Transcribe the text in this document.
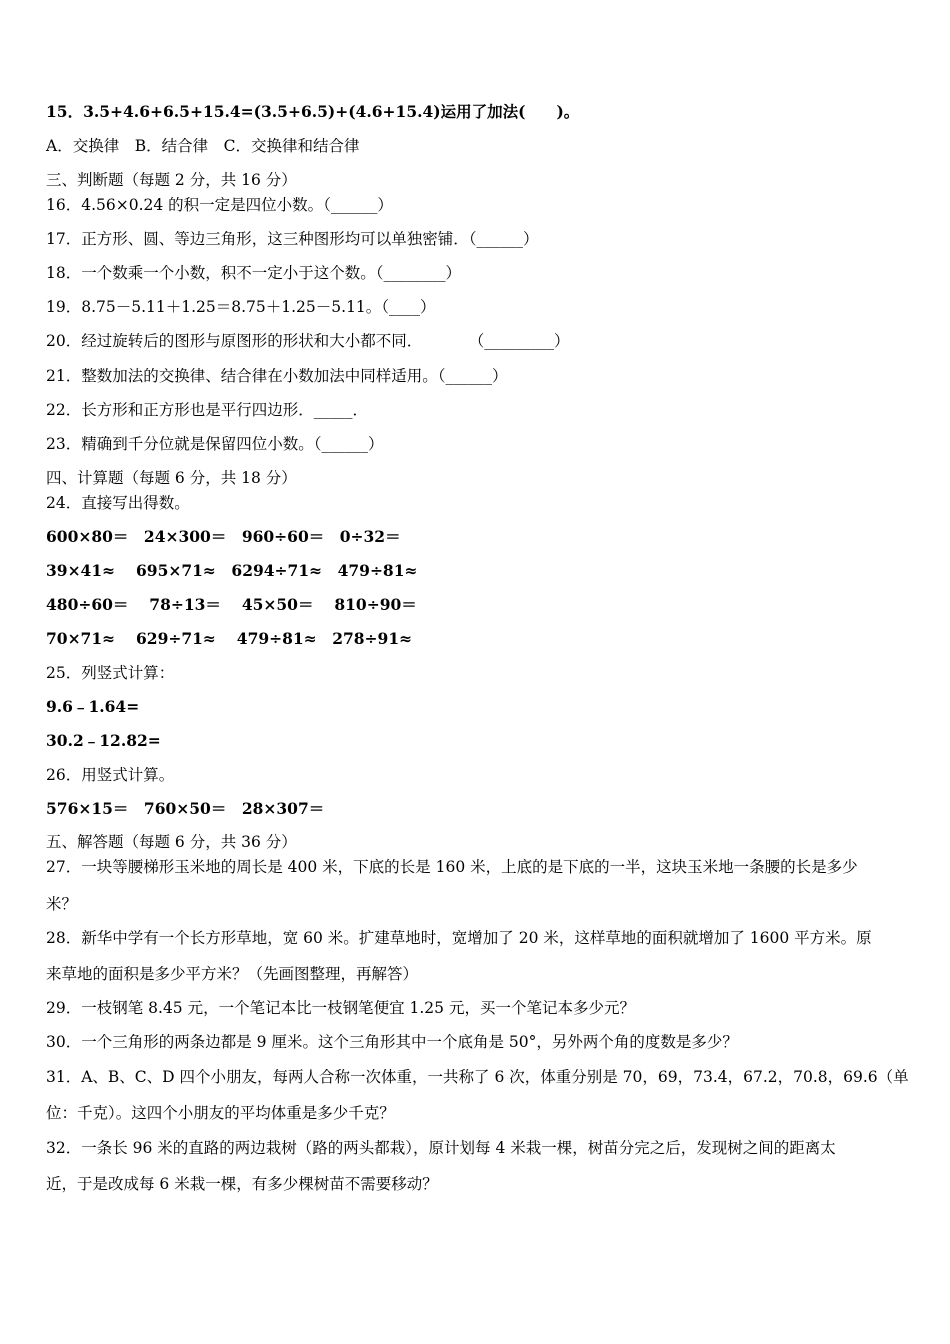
15．3.5+4.6+6.5+15.4=(3.5+6.5)+(4.6+15.4)运用了加法(　　)。
A．交换律　B．结合律　C．交换律和结合律
三、判断题（每题 2 分，共 16 分）
16．4.56×0.24 的积一定是四位小数。（______）
17．正方形、圆、等边三角形，这三种图形均可以单独密铺．（______）
18．一个数乘一个小数，积不一定小于这个数。（________）
19．8.75－5.11＋1.25＝8.75＋1.25－5.11。（____）
20．经过旋转后的图形与原图形的形状和大小都不同．　　　　（_________）
21．整数加法的交换律、结合律在小数加法中同样适用。（______）
22．长方形和正方形也是平行四边形．_____．
23．精确到千分位就是保留四位小数。（______）
四、计算题（每题 6 分，共 18 分）
24．直接写出得数。
600×80＝　24×300＝　960÷60＝　0÷32＝
39×41≈　 695×71≈　6294÷71≈　479÷81≈
480÷60＝　 78÷13＝　 45×50＝　 810÷90＝
70×71≈　 629÷71≈　 479÷81≈　278÷91≈
25．列竖式计算：
9.6﹣1.64=
30.2﹣12.82=
26．用竖式计算。
576×15＝　760×50＝　28×307＝
五、解答题（每题 6 分，共 36 分）
27．一块等腰梯形玉米地的周长是 400 米，下底的长是 160 米，上底的是下底的一半，这块玉米地一条腰的长是多少
米？
28．新华中学有一个长方形草地，宽 60 米。扩建草地时，宽增加了 20 米，这样草地的面积就增加了 1600 平方米。原
来草地的面积是多少平方米？（先画图整理，再解答）
29．一枝钢笔 8.45 元，一个笔记本比一枝钢笔便宜 1.25 元，买一个笔记本多少元？
30．一个三角形的两条边都是 9 厘米。这个三角形其中一个底角是 50°，另外两个角的度数是多少？
31．A、B、C、D 四个小朋友，每两人合称一次体重，一共称了 6 次，体重分别是 70，69，73.4，67.2，70.8，69.6（单
位：千克）。这四个小朋友的平均体重是多少千克？
32．一条长 96 米的直路的两边栽树（路的两头都栽），原计划每 4 米栽一棵，树苗分完之后，发现树之间的距离太
近，于是改成每 6 米栽一棵，有多少棵树苗不需要移动？
